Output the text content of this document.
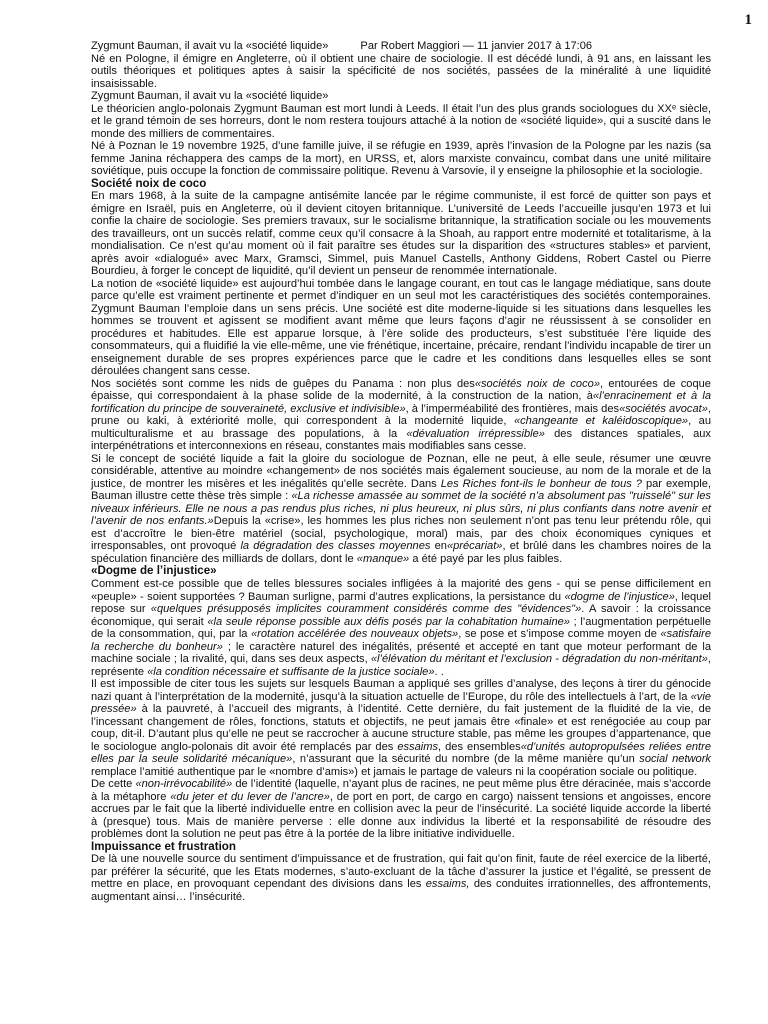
1

Zygmunt Bauman, il avait vu la «société liquide»	Par Robert Maggiori — 11 janvier 2017 à 17:06

Né en Pologne, il émigre en Angleterre, où il obtient une chaire de sociologie. Il est décédé lundi, à 91 ans, en laissant les outils théoriques et politiques aptes à saisir la spécificité de nos sociétés, passées de la minéralité à une liquidité insaisissable.

Zygmunt Bauman, il avait vu la «société liquide»

Le théoricien anglo-polonais Zygmunt Bauman est mort lundi à Leeds. Il était l’un des plus grands sociologues du XXᵉ siècle, et le grand témoin de ses horreurs, dont le nom restera toujours attaché à la notion de «société liquide», qui a suscité dans le monde des milliers de commentaires.

Né à Poznan le 19 novembre 1925, d’une famille juive, il se réfugie en 1939, après l’invasion de la Pologne par les nazis (sa femme Janina réchappera des camps de la mort), en URSS, et, alors marxiste convaincu, combat dans une unité militaire soviétique, puis occupe la fonction de commissaire politique. Revenu à Varsovie, il y enseigne la philosophie et la sociologie.

Société noix de coco

En mars 1968, à la suite de la campagne antisémite lancée par le régime communiste, il est forcé de quitter son pays et émigre en Israël, puis en Angleterre, où il devient citoyen britannique. L’université de Leeds l’accueille jusqu’en 1973 et lui confie la chaire de sociologie. Ses premiers travaux, sur le socialisme britannique, la stratification sociale ou les mouvements des travailleurs, ont un succès relatif, comme ceux qu’il consacre à la Shoah, au rapport entre modernité et totalitarisme, à la mondialisation. Ce n’est qu’au moment où il fait paraître ses études sur la disparition des «structures stables» et parvient, après avoir «dialogué» avec Marx, Gramsci, Simmel, puis Manuel Castells, Anthony Giddens, Robert Castel ou Pierre Bourdieu, à forger le concept de liquidité, qu’il devient un penseur de renommée internationale.

La notion de «société liquide» est aujourd’hui tombée dans le langage courant, en tout cas le langage médiatique, sans doute parce qu’elle est vraiment pertinente et permet d’indiquer en un seul mot les caractéristiques des sociétés contemporaines. Zygmunt Bauman l’emploie dans un sens précis. Une société est dite moderne-liquide si les situations dans lesquelles les hommes se trouvent et agissent se modifient avant même que leurs façons d’agir ne réussissent à se consolider en procédures et habitudes. Elle est apparue lorsque, à l’ère solide des producteurs, s’est substituée l’ère liquide des consommateurs, qui a fluidifié la vie elle-même, une vie frénétique, incertaine, précaire, rendant l’individu incapable de tirer un enseignement durable de ses propres expériences parce que le cadre et les conditions dans lesquelles elles se sont déroulées changent sans cesse.

Nos sociétés sont comme les nids de guêpes du Panama : non plus des«sociétés noix de coco», entourées de coque épaisse, qui correspondaient à la phase solide de la modernité, à la construction de la nation, à«l’enracinement et à la fortification du principe de souveraineté, exclusive et indivisible», à l’imperméabilité des frontières, mais des«sociétés avocat», prune ou kaki, à extériorité molle, qui correspondent à la modernité liquide, «changeante et kaléidoscopique», au multiculturalisme et au brassage des populations, à la «dévaluation irrépressible» des distances spatiales, aux interpénétrations et interconnexions en réseau, constantes mais modifiables sans cesse.

Si le concept de société liquide a fait la gloire du sociologue de Poznan, elle ne peut, à elle seule, résumer une œuvre considérable, attentive au moindre «changement» de nos sociétés mais également soucieuse, au nom de la morale et de la justice, de montrer les misères et les inégalités qu’elle secrète. Dans Les Riches font-ils le bonheur de tous ? par exemple, Bauman illustre cette thèse très simple : «La richesse amassée au sommet de la société n’a absolument pas "ruisselé" sur les niveaux inférieurs. Elle ne nous a pas rendus plus riches, ni plus heureux, ni plus sûrs, ni plus confiants dans notre avenir et l’avenir de nos enfants.»Depuis la «crise», les hommes les plus riches non seulement n’ont pas tenu leur prétendu rôle, qui est d’accroître le bien-être matériel (social, psychologique, moral) mais, par des choix économiques cyniques et irresponsables, ont provoqué la dégradation des classes moyennes en«précariat», et brûlé dans les chambres noires de la spéculation financière des milliards de dollars, dont le «manque» a été payé par les plus faibles.

«Dogme de l’injustice»

Comment est-ce possible que de telles blessures sociales infligées à la majorité des gens - qui se pense difficilement en «peuple» - soient supportées ? Bauman surligne, parmi d’autres explications, la persistance du «dogme de l’injustice», lequel repose sur «quelques présupposés implicites couramment considérés comme des "évidences"». A savoir : la croissance économique, qui serait «la seule réponse possible aux défis posés par la cohabitation humaine» ; l’augmentation perpétuelle de la consommation, qui, par la «rotation accélérée des nouveaux objets», se pose et s’impose comme moyen de «satisfaire la recherche du bonheur» ; le caractère naturel des inégalités, présenté et accepté en tant que moteur performant de la machine sociale ; la rivalité, qui, dans ses deux aspects, «l’élévation du méritant et l’exclusion - dégradation du non-méritant», représente «la condition nécessaire et suffisante de la justice sociale». .

Il est impossible de citer tous les sujets sur lesquels Bauman a appliqué ses grilles d’analyse, des leçons à tirer du génocide nazi quant à l’interprétation de la modernité, jusqu’à la situation actuelle de l’Europe, du rôle des intellectuels à l’art, de la «vie pressée» à la pauvreté, à l’accueil des migrants, à l’identité. Cette dernière, du fait justement de la fluidité de la vie, de l’incessant changement de rôles, fonctions, statuts et objectifs, ne peut jamais être «finale» et est renégociée au coup par coup, dit-il. D’autant plus qu’elle ne peut se raccrocher à aucune structure stable, pas même les groupes d’appartenance, que le sociologue anglo-polonais dit avoir été remplacés par des essaims, des ensembles«d’unités autopropulsées reliées entre elles par la seule solidarité mécanique», n’assurant que la sécurité du nombre (de la même manière qu’un social network remplace l’amitié authentique par le «nombre d’amis») et jamais le partage de valeurs ni la coopération sociale ou politique.

De cette «non-irrévocabilité» de l’identité (laquelle, n’ayant plus de racines, ne peut même plus être déracinée, mais s’accorde à la métaphore «du jeter et du lever de l’ancre», de port en port, de cargo en cargo) naissent tensions et angoisses, encore accrues par le fait que la liberté individuelle entre en collision avec la peur de l’insécurité. La société liquide accorde la liberté à (presque) tous. Mais de manière perverse : elle donne aux individus la liberté et la responsabilité de résoudre des problèmes dont la solution ne peut pas être à la portée de la libre initiative individuelle.

Impuissance et frustration

De là une nouvelle source du sentiment d’impuissance et de frustration, qui fait qu’on finit, faute de réel exercice de la liberté, par préférer la sécurité, que les Etats modernes, s’auto-excluant de la tâche d’assurer la justice et l’égalité, se pressent de mettre en place, en provoquant cependant des divisions dans les essaims, des conduites irrationnelles, des affrontements, augmentant ainsi… l’insécurité.
